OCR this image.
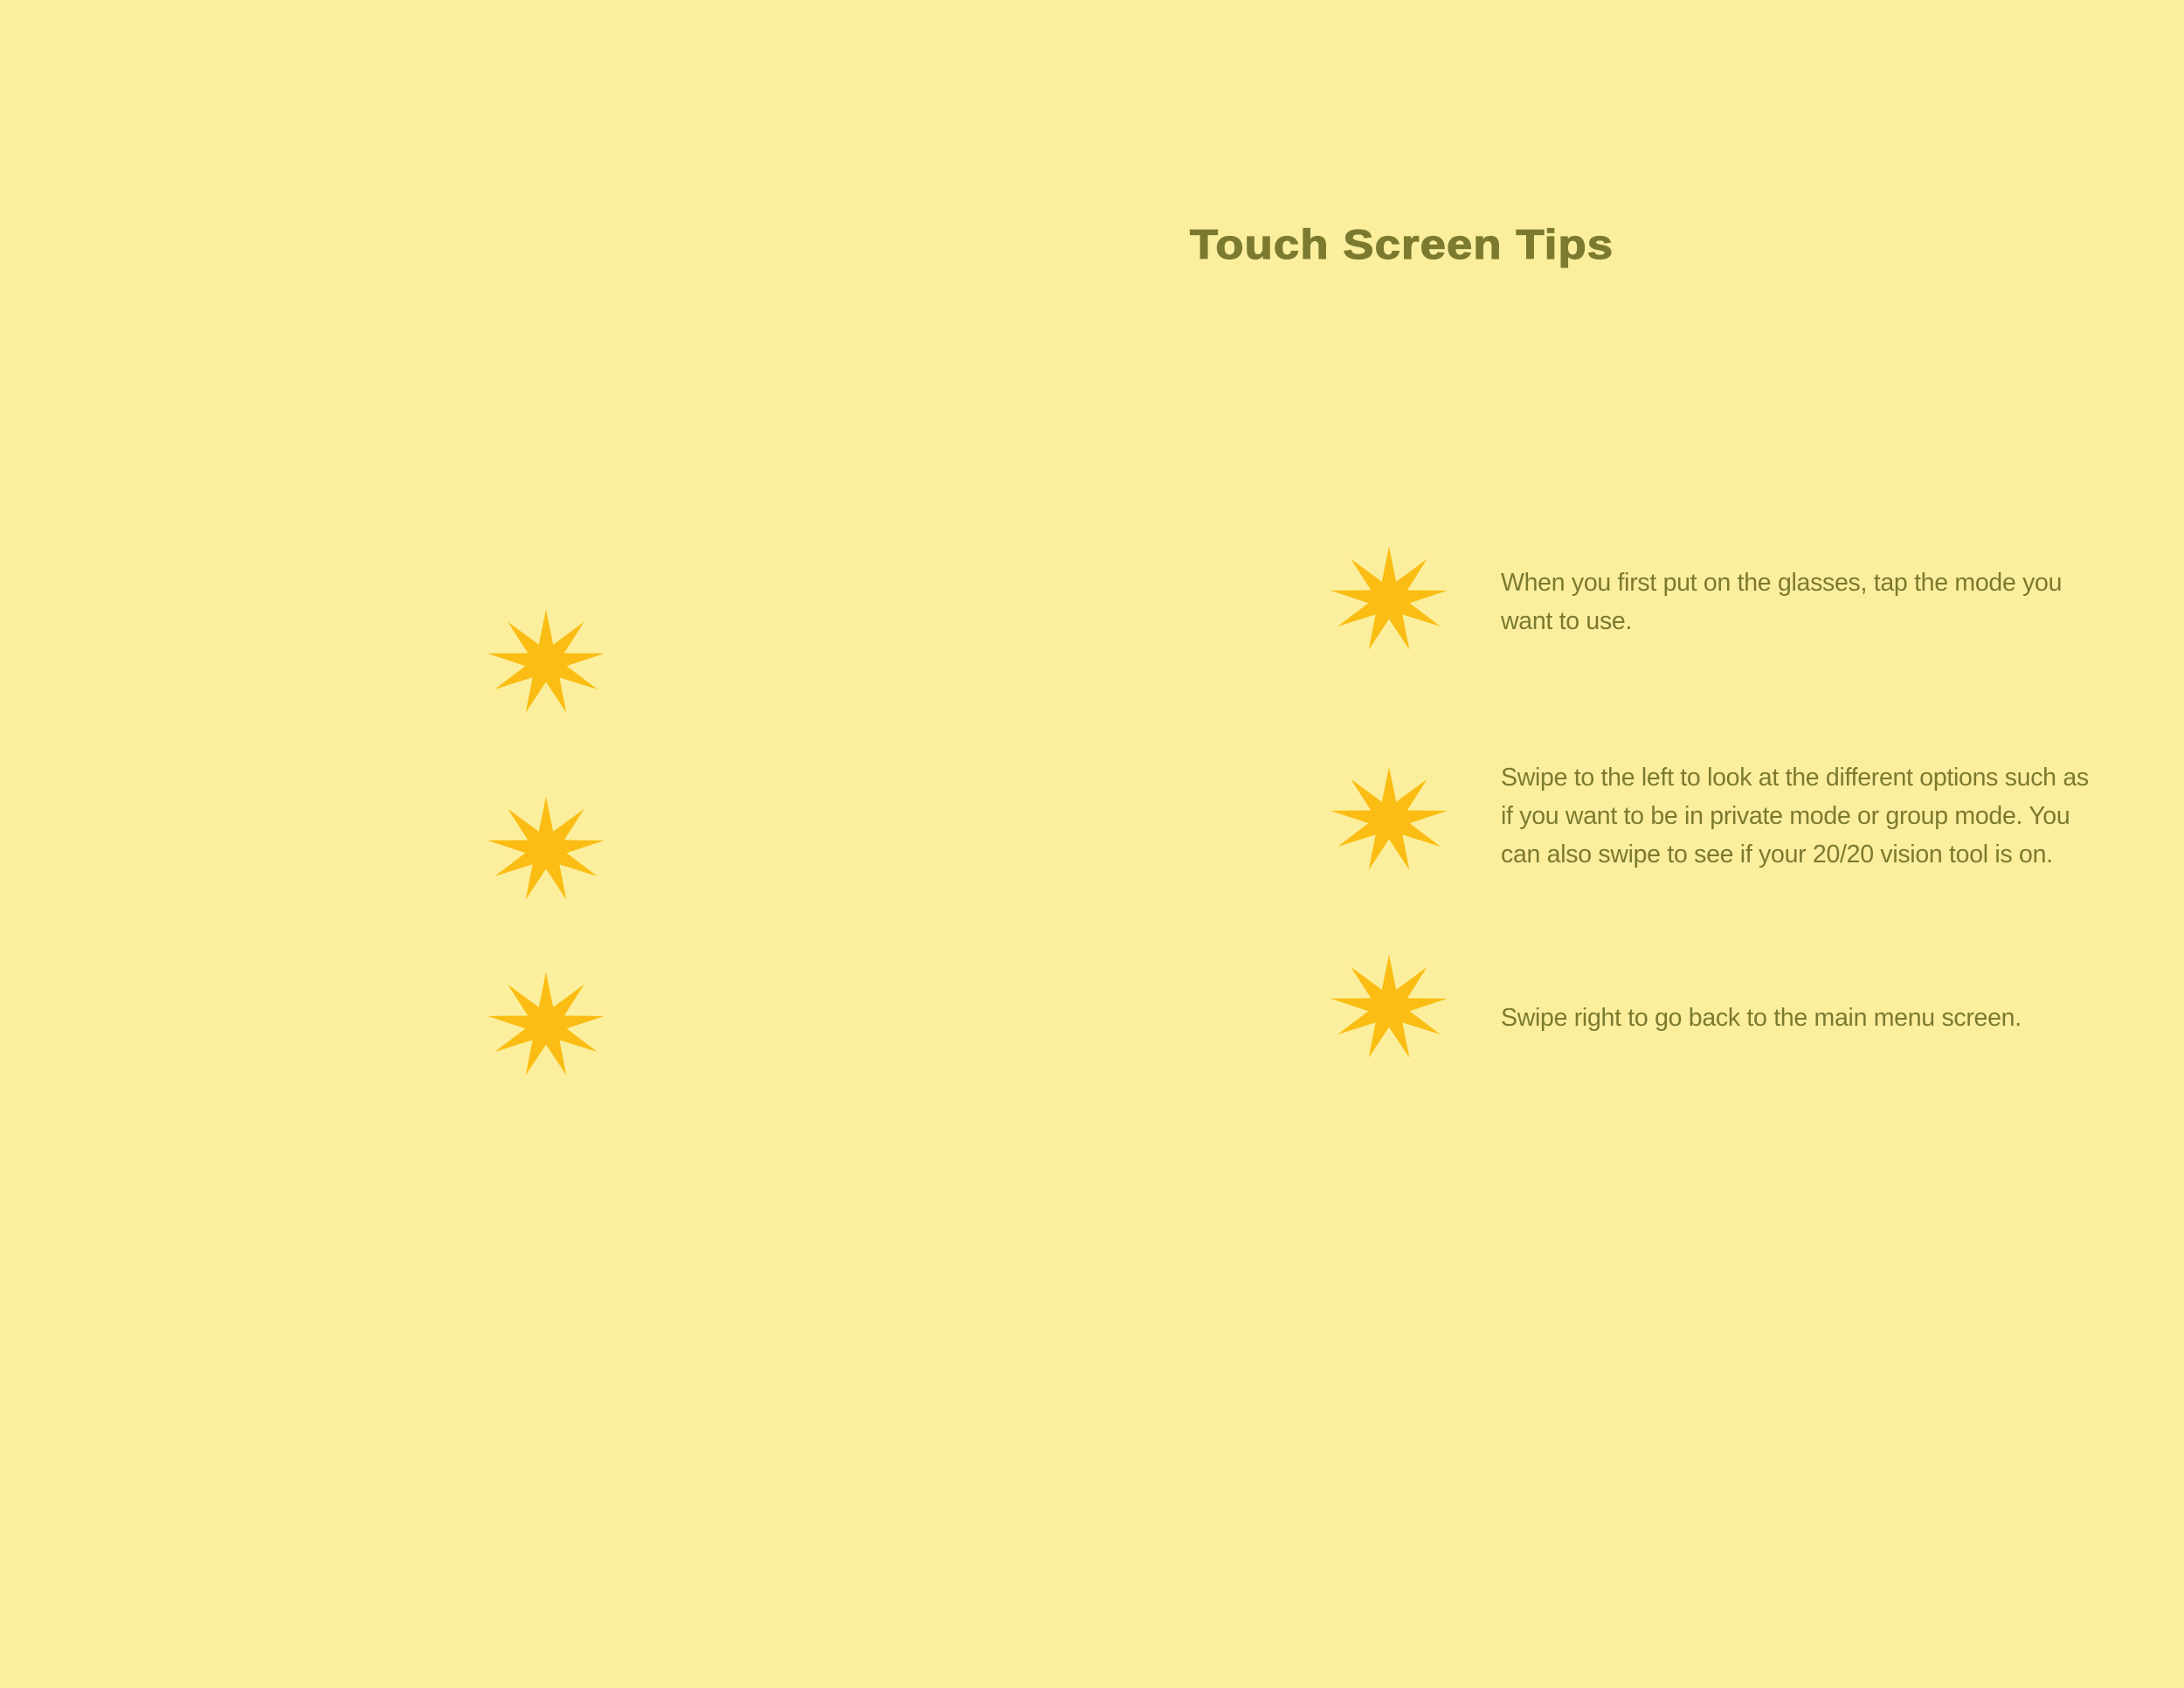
Touch Screen Tips

When you first put on the glasses, tap the mode you want to use.

Swipe to the left to look at the different options such as if you want to be in private mode or group mode. You can also swipe to see if your 20/20 vision tool is on.

Swipe right to go back to the main menu screen.
